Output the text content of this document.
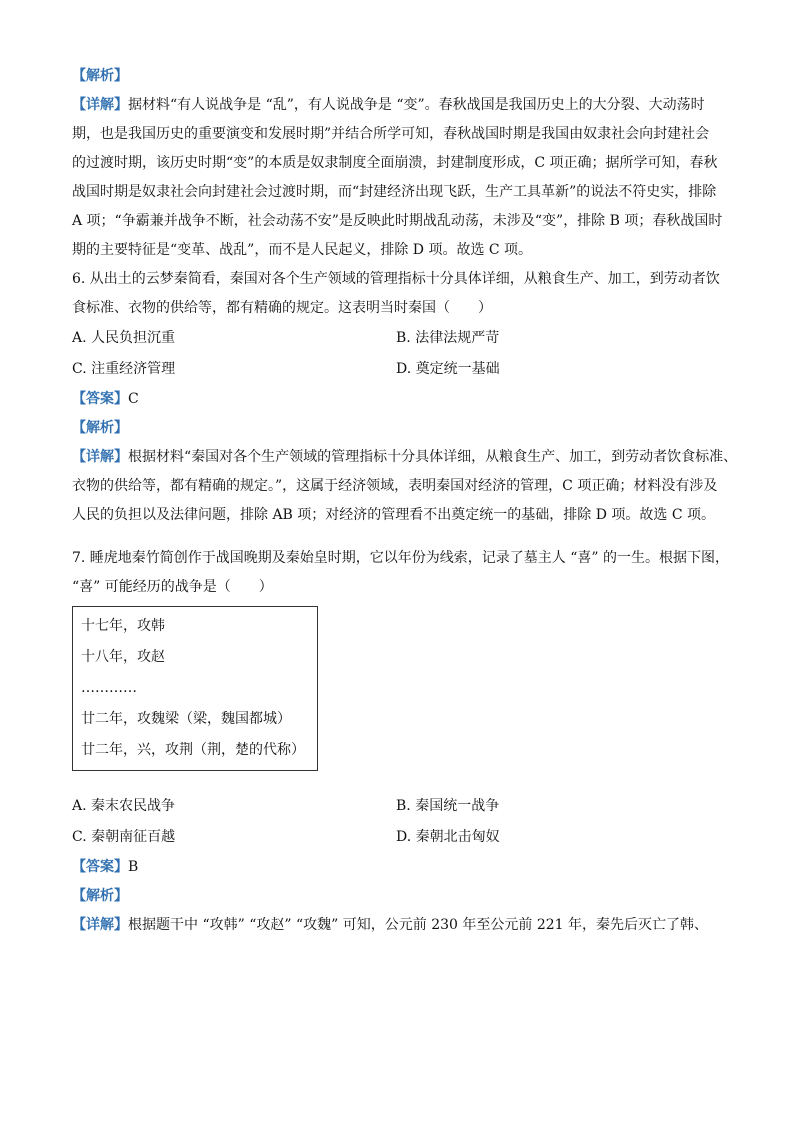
【解析】
【详解】据材料“有人说战争是 “乱”，有人说战争是 “变”。春秋战国是我国历史上的大分裂、大动荡时
期，也是我国历史的重要演变和发展时期”并结合所学可知，春秋战国时期是我国由奴隶社会向封建社会
的过渡时期，该历史时期“变”的本质是奴隶制度全面崩溃，封建制度形成，C 项正确；据所学可知，春秋
战国时期是奴隶社会向封建社会过渡时期，而“封建经济出现飞跃，生产工具革新”的说法不符史实，排除
A 项；“争霸兼并战争不断，社会动荡不安”是反映此时期战乱动荡，未涉及“变”，排除 B 项；春秋战国时
期的主要特征是“变革、战乱”，而不是人民起义，排除 D 项。故选 C 项。
6. 从出土的云梦秦简看，秦国对各个生产领域的管理指标十分具体详细，从粮食生产、加工，到劳动者饮
食标准、衣物的供给等，都有精确的规定。这表明当时秦国（　　）
A. 人民负担沉重	B. 法律法规严苛
C. 注重经济管理	D. 奠定统一基础
【答案】C
【解析】
【详解】根据材料“秦国对各个生产领域的管理指标十分具体详细，从粮食生产、加工，到劳动者饮食标准、
衣物的供给等，都有精确的规定。”，这属于经济领域，表明秦国对经济的管理，C 项正确；材料没有涉及
人民的负担以及法律问题，排除 AB 项；对经济的管理看不出奠定统一的基础，排除 D 项。故选 C 项。
7. 睡虎地秦竹简创作于战国晚期及秦始皇时期，它以年份为线索，记录了墓主人 “喜” 的一生。根据下图，
“喜” 可能经历的战争是（　　）
十七年，攻韩
十八年，攻赵
…………
廿二年，攻魏梁（梁，魏国都城）
廿二年，兴，攻荆（荆，楚的代称）
A. 秦末农民战争	B. 秦国统一战争
C. 秦朝南征百越	D. 秦朝北击匈奴
【答案】B
【解析】
【详解】根据题干中 “攻韩” “攻赵” “攻魏” 可知，公元前 230 年至公元前 221 年，秦先后灭亡了韩、
